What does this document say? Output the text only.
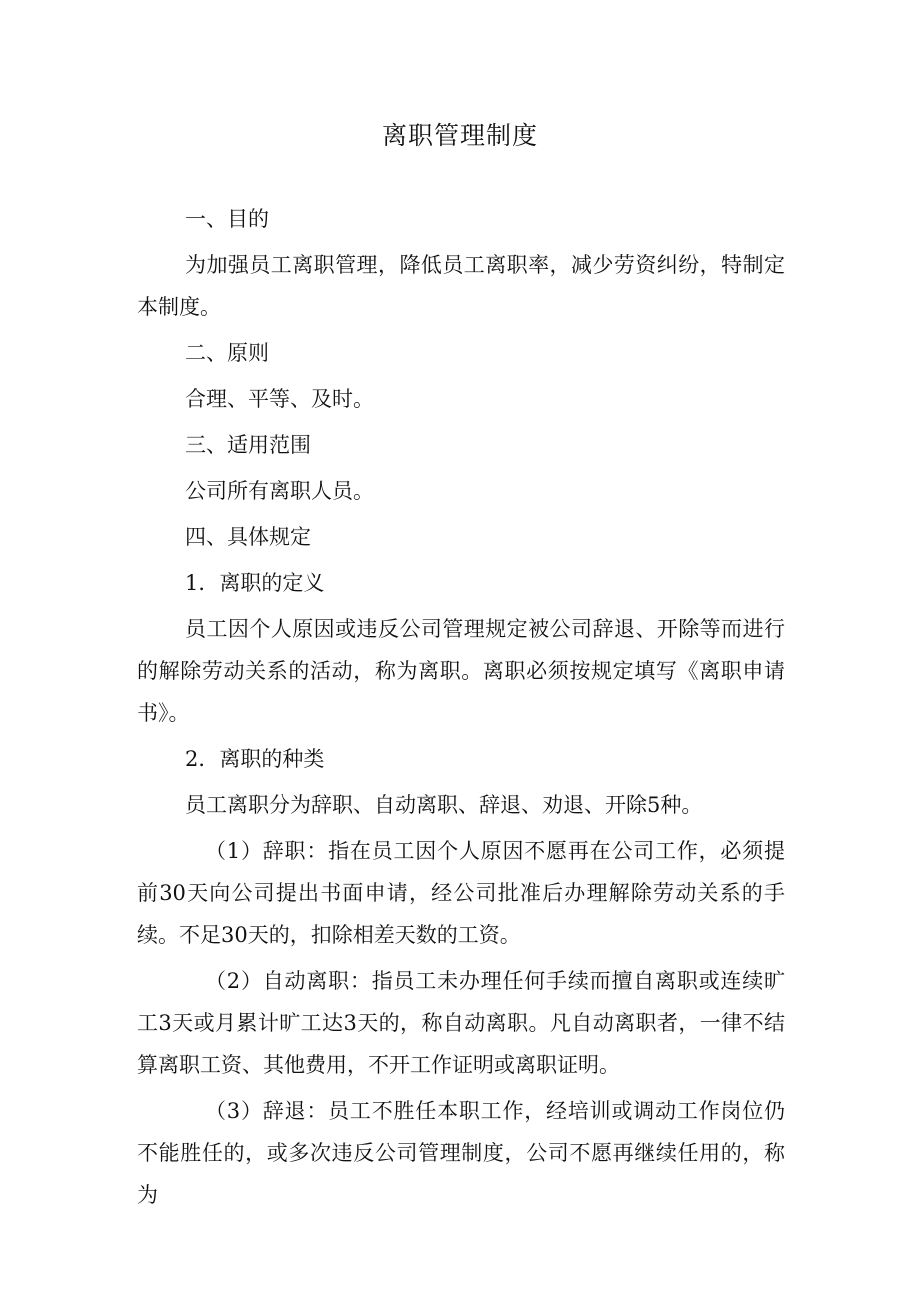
离职管理制度

一、目的

为加强员工离职管理，降低员工离职率，减少劳资纠纷，特制定本制度。

二、原则

合理、平等、及时。

三、适用范围

公司所有离职人员。

四、具体规定

1．离职的定义

员工因个人原因或违反公司管理规定被公司辞退、开除等而进行的解除劳动关系的活动，称为离职。离职必须按规定填写《离职申请书》。

2．离职的种类

员工离职分为辞职、自动离职、辞退、劝退、开除5种。

（1）辞职：指在员工因个人原因不愿再在公司工作，必须提前30天向公司提出书面申请，经公司批准后办理解除劳动关系的手续。不足30天的，扣除相差天数的工资。

（2）自动离职：指员工未办理任何手续而擅自离职或连续旷工3天或月累计旷工达3天的，称自动离职。凡自动离职者，一律不结算离职工资、其他费用，不开工作证明或离职证明。

（3）辞退：员工不胜任本职工作，经培训或调动工作岗位仍不能胜任的，或多次违反公司管理制度，公司不愿再继续任用的，称为
